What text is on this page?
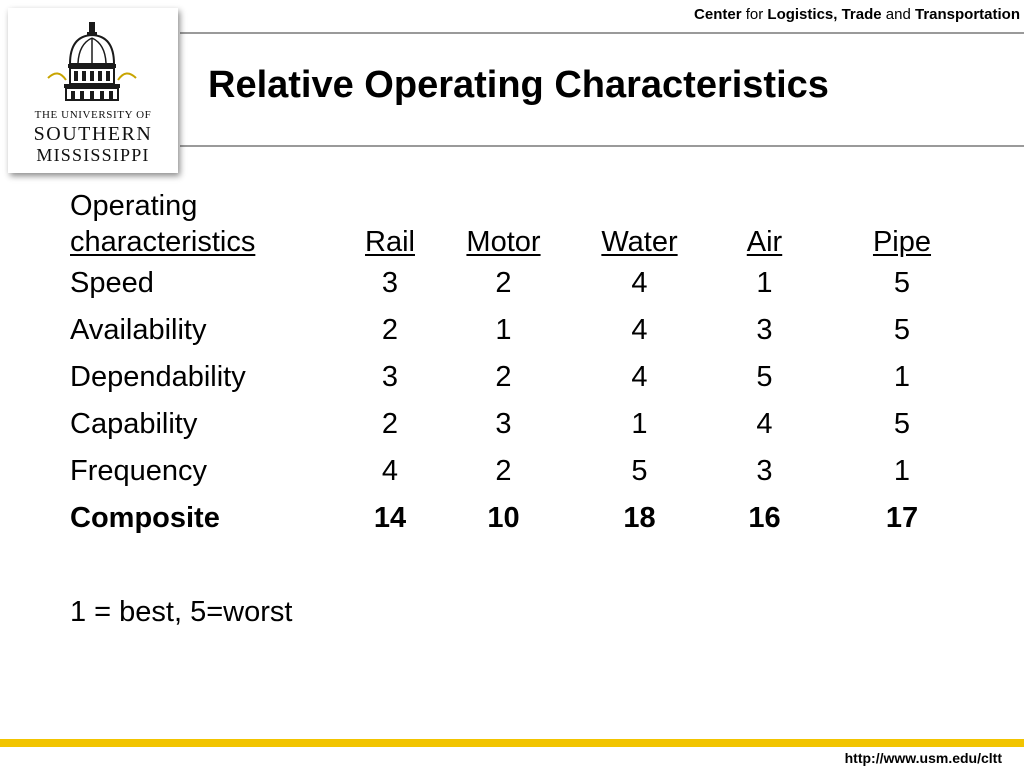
Center for Logistics, Trade and Transportation
THE UNIVERSITY OF
SOUTHERN
MISSISSIPPI
Relative Operating Characteristics
Operating
characteristics	Rail	Motor	Water	Air	Pipe
Speed	3	2	4	1	5
Availability	2	1	4	3	5
Dependability	3	2	4	5	1
Capability	2	3	1	4	5
Frequency	4	2	5	3	1
Composite	14	10	18	16	17
1 = best, 5=worst
http://www.usm.edu/cltt
